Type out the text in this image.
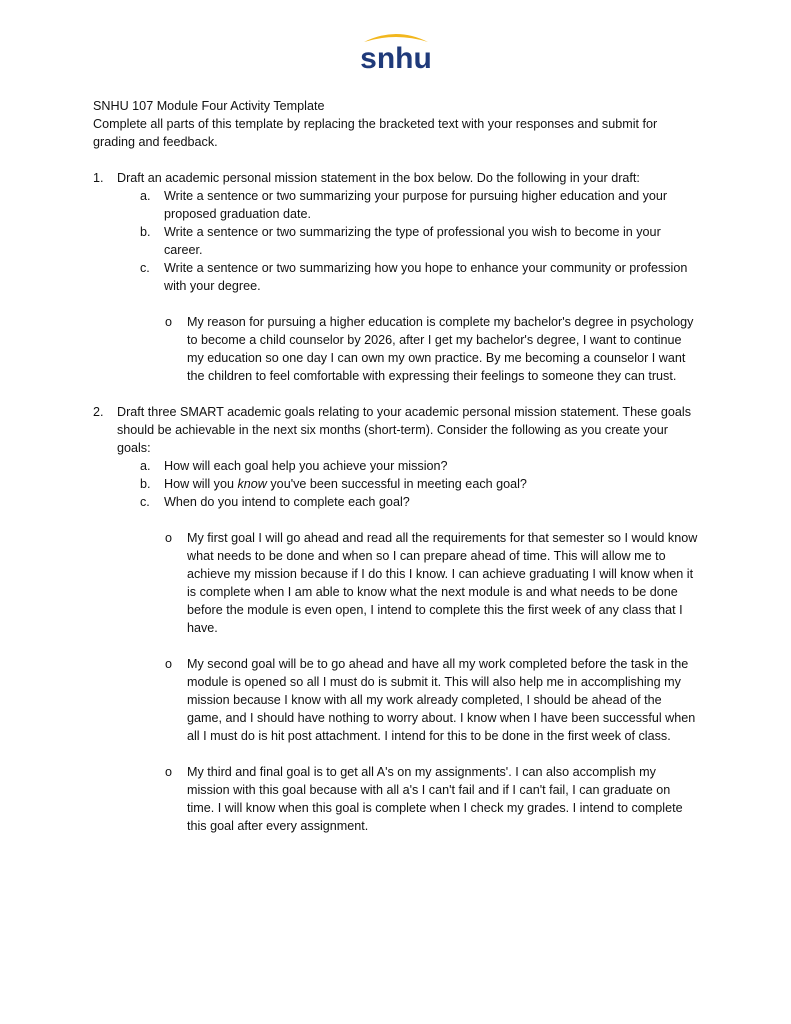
snhu

SNHU 107 Module Four Activity Template

Complete all parts of this template by replacing the bracketed text with your responses and submit for grading and feedback.

1. Draft an academic personal mission statement in the box below. Do the following in your draft:

a. Write a sentence or two summarizing your purpose for pursuing higher education and your proposed graduation date.

b. Write a sentence or two summarizing the type of professional you wish to become in your career.

c. Write a sentence or two summarizing how you hope to enhance your community or profession with your degree.

o My reason for pursuing a higher education is complete my bachelor's degree in psychology to become a child counselor by 2026, after I get my bachelor's degree, I want to continue my education so one day I can own my own practice. By me becoming a counselor I want the children to feel comfortable with expressing their feelings to someone they can trust.

2. Draft three SMART academic goals relating to your academic personal mission statement. These goals should be achievable in the next six months (short-term). Consider the following as you create your goals:

a. How will each goal help you achieve your mission?

b. How will you know you've been successful in meeting each goal?

c. When do you intend to complete each goal?

o My first goal I will go ahead and read all the requirements for that semester so I would know what needs to be done and when so I can prepare ahead of time. This will allow me to achieve my mission because if I do this I know. I can achieve graduating I will know when it is complete when I am able to know what the next module is and what needs to be done before the module is even open, I intend to complete this the first week of any class that I have.

o My second goal will be to go ahead and have all my work completed before the task in the module is opened so all I must do is submit it. This will also help me in accomplishing my mission because I know with all my work already completed, I should be ahead of the game, and I should have nothing to worry about. I know when I have been successful when all I must do is hit post attachment. I intend for this to be done in the first week of class.

o My third and final goal is to get all A's on my assignments'. I can also accomplish my mission with this goal because with all a's I can't fail and if I can't fail, I can graduate on time. I will know when this goal is complete when I check my grades. I intend to complete this goal after every assignment.
